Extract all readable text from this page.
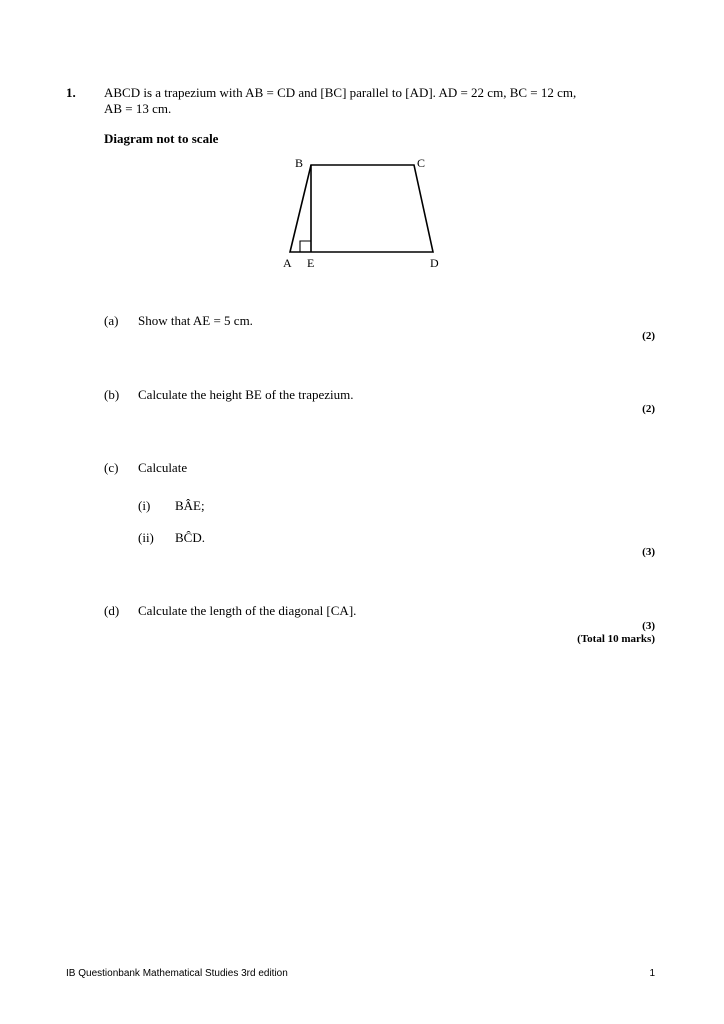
1. ABCD is a trapezium with AB = CD and [BC] parallel to [AD]. AD = 22 cm, BC = 12 cm,
AB = 13 cm.
Diagram not to scale
B	C
A E	D
(a) Show that AE = 5 cm.
(2)
(b) Calculate the height BE of the trapezium.
(2)
(c) Calculate
(i) BÂE;
(ii) BĈD.
(3)
(d) Calculate the length of the diagonal [CA].
(3)
(Total 10 marks)
IB Questionbank Mathematical Studies 3rd edition	1
